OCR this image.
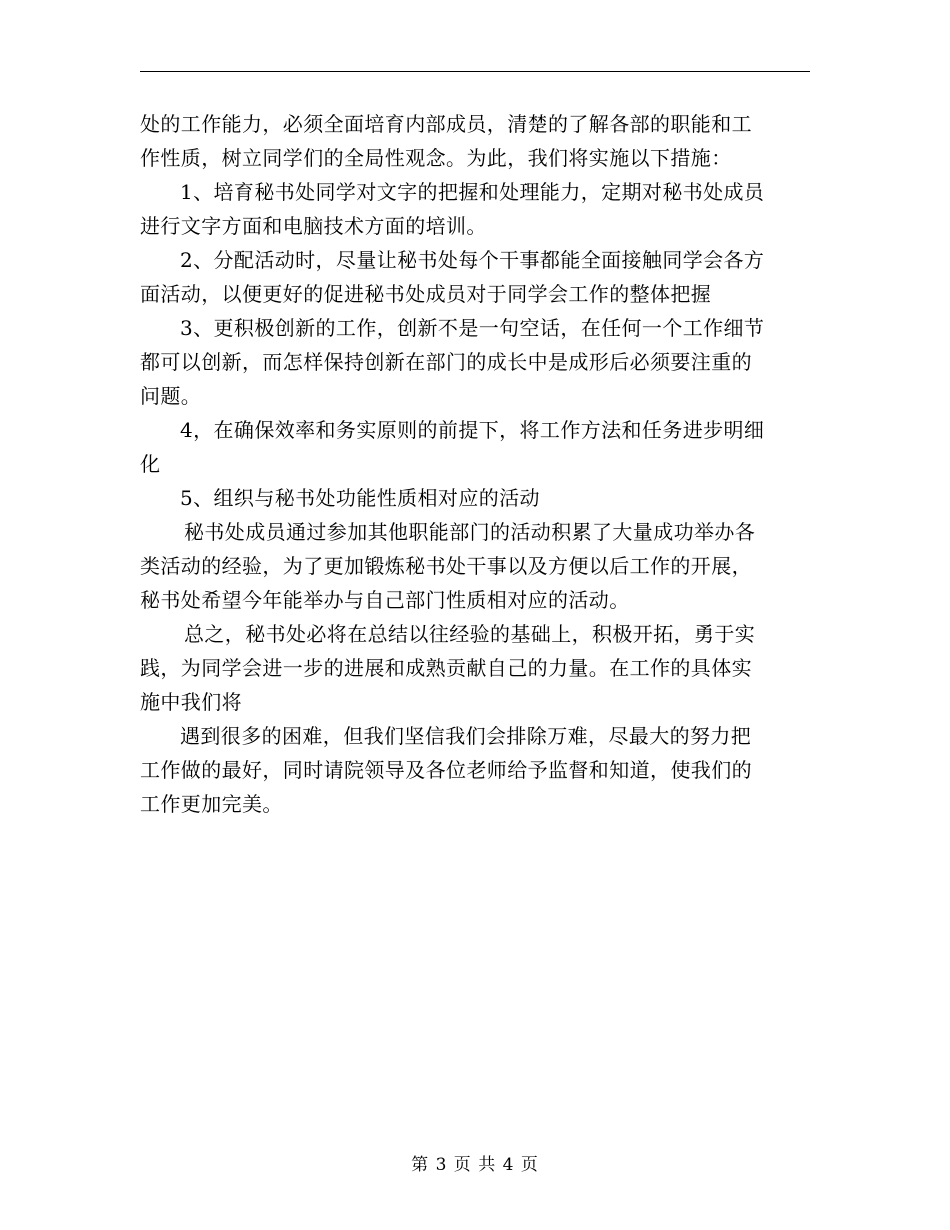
处的工作能力，必须全面培育内部成员，清楚的了解各部的职能和工
作性质，树立同学们的全局性观念。为此，我们将实施以下措施：
1、培育秘书处同学对文字的把握和处理能力，定期对秘书处成员
进行文字方面和电脑技术方面的培训。
2、分配活动时，尽量让秘书处每个干事都能全面接触同学会各方
面活动，以便更好的促进秘书处成员对于同学会工作的整体把握
3、更积极创新的工作，创新不是一句空话，在任何一个工作细节
都可以创新，而怎样保持创新在部门的成长中是成形后必须要注重的
问题。
4，在确保效率和务实原则的前提下，将工作方法和任务进步明细
化
5、组织与秘书处功能性质相对应的活动
秘书处成员通过参加其他职能部门的活动积累了大量成功举办各
类活动的经验，为了更加锻炼秘书处干事以及方便以后工作的开展，
秘书处希望今年能举办与自己部门性质相对应的活动。
总之，秘书处必将在总结以往经验的基础上，积极开拓，勇于实
践，为同学会进一步的进展和成熟贡献自己的力量。在工作的具体实
施中我们将
遇到很多的困难，但我们坚信我们会排除万难，尽最大的努力把
工作做的最好，同时请院领导及各位老师给予监督和知道，使我们的
工作更加完美。
第 3 页 共 4 页
